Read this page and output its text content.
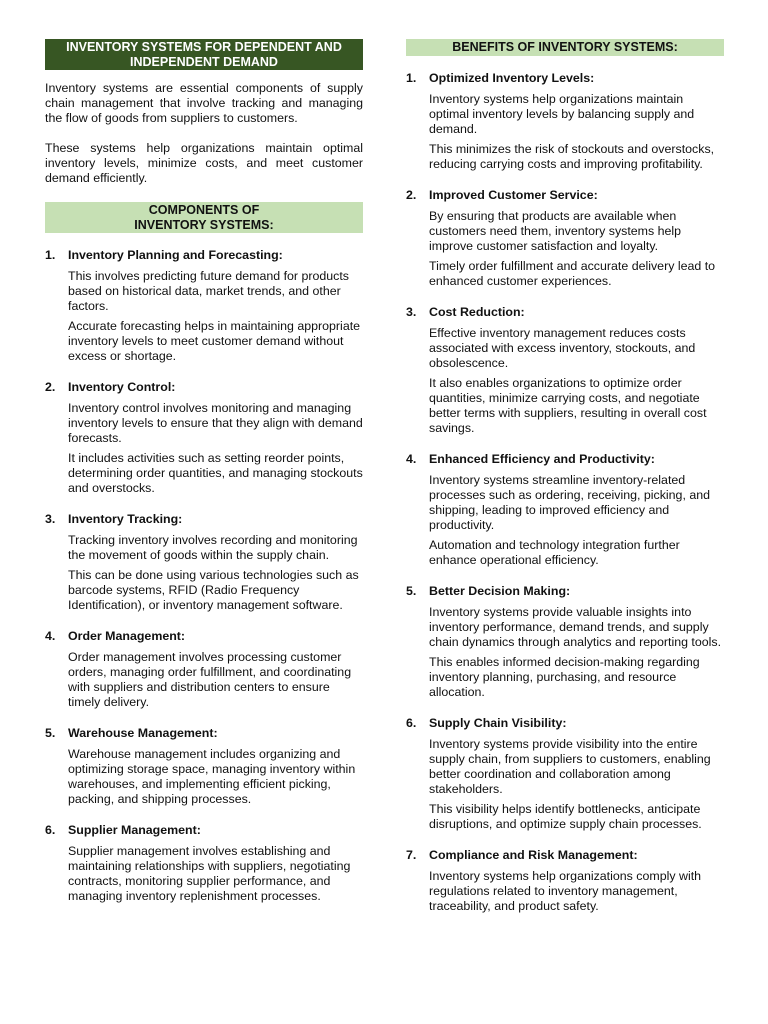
INVENTORY SYSTEMS FOR DEPENDENT AND
INDEPENDENT DEMAND

Inventory systems are essential components of supply chain management that involve tracking and managing the flow of goods from suppliers to customers.

These systems help organizations maintain optimal inventory levels, minimize costs, and meet customer demand efficiently.

COMPONENTS OF
INVENTORY SYSTEMS:
1. Inventory Planning and Forecasting:

This involves predicting future demand for products based on historical data, market trends, and other factors.

Accurate forecasting helps in maintaining appropriate inventory levels to meet customer demand without excess or shortage.

2. Inventory Control:

Inventory control involves monitoring and managing inventory levels to ensure that they align with demand forecasts.

It includes activities such as setting reorder points, determining order quantities, and managing stockouts and overstocks.

3. Inventory Tracking:

Tracking inventory involves recording and monitoring the movement of goods within the supply chain.

This can be done using various technologies such as barcode systems, RFID (Radio Frequency Identification), or inventory management software.

4. Order Management:

Order management involves processing customer orders, managing order fulfillment, and coordinating with suppliers and distribution centers to ensure timely delivery.

5. Warehouse Management:

Warehouse management includes organizing and optimizing storage space, managing inventory within warehouses, and implementing efficient picking, packing, and shipping processes.

6. Supplier Management:

Supplier management involves establishing and maintaining relationships with suppliers, negotiating contracts, monitoring supplier performance, and managing inventory replenishment processes.

BENEFITS OF INVENTORY SYSTEMS:
1. Optimized Inventory Levels:

Inventory systems help organizations maintain optimal inventory levels by balancing supply and demand.

This minimizes the risk of stockouts and overstocks, reducing carrying costs and improving profitability.

2. Improved Customer Service:

By ensuring that products are available when customers need them, inventory systems help improve customer satisfaction and loyalty.

Timely order fulfillment and accurate delivery lead to enhanced customer experiences.

3. Cost Reduction:

Effective inventory management reduces costs associated with excess inventory, stockouts, and obsolescence.

It also enables organizations to optimize order quantities, minimize carrying costs, and negotiate better terms with suppliers, resulting in overall cost savings.

4. Enhanced Efficiency and Productivity:

Inventory systems streamline inventory-related processes such as ordering, receiving, picking, and shipping, leading to improved efficiency and productivity.

Automation and technology integration further enhance operational efficiency.

5. Better Decision Making:

Inventory systems provide valuable insights into inventory performance, demand trends, and supply chain dynamics through analytics and reporting tools.

This enables informed decision-making regarding inventory planning, purchasing, and resource allocation.

6. Supply Chain Visibility:

Inventory systems provide visibility into the entire supply chain, from suppliers to customers, enabling better coordination and collaboration among stakeholders.

This visibility helps identify bottlenecks, anticipate disruptions, and optimize supply chain processes.

7. Compliance and Risk Management:

Inventory systems help organizations comply with regulations related to inventory management, traceability, and product safety.
